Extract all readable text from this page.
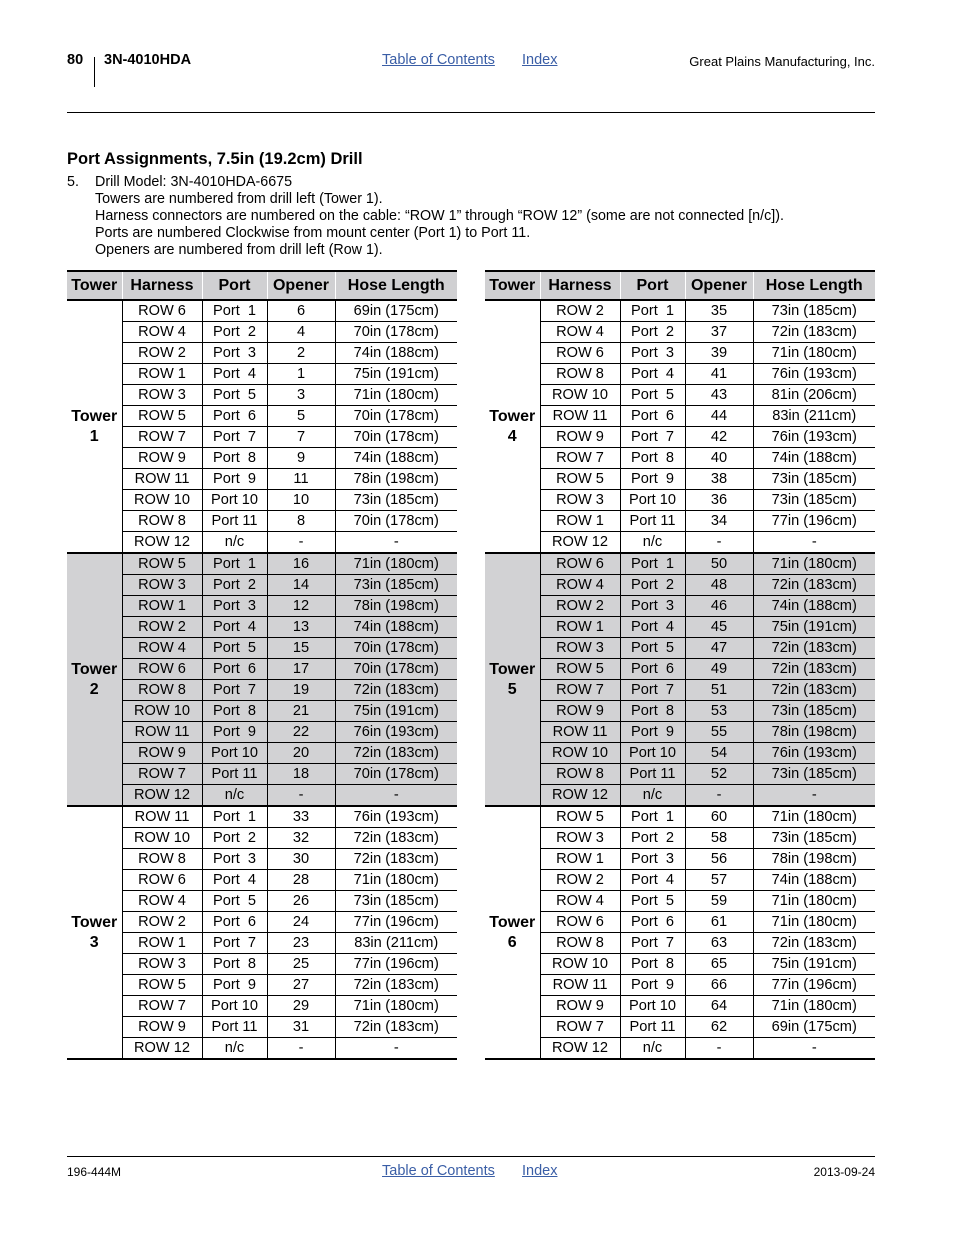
80 3N-4010HDA	Table of Contents Index	Great Plains Manufacturing, Inc.
Port Assignments, 7.5in (19.2cm) Drill
5. Drill Model: 3N-4010HDA-6675
Towers are numbered from drill left (Tower 1).
Harness connectors are numbered on the cable: “ROW 1” through “ROW 12” (some are not connected [n/c]).
Ports are numbered Clockwise from mount center (Port 1) to Port 11.
Openers are numbered from drill left (Row 1).
Tower	Harness	Port	Opener	Hose Length

Tower
1	ROW 6	Port  1	6	69in (175cm)
	ROW 4	Port  2	4	70in (178cm)
	ROW 2	Port  3	2	74in (188cm)
	ROW 1	Port  4	1	75in (191cm)
	ROW 3	Port  5	3	71in (180cm)
	ROW 5	Port  6	5	70in (178cm)
	ROW 7	Port  7	7	70in (178cm)
	ROW 9	Port  8	9	74in (188cm)
	ROW 11	Port  9	11	78in (198cm)
	ROW 10	Port 10	10	73in (185cm)
	ROW 8	Port 11	8	70in (178cm)
	ROW 12	n/c	-	-

Tower
2	ROW 5	Port  1	16	71in (180cm)
	ROW 3	Port  2	14	73in (185cm)
	ROW 1	Port  3	12	78in (198cm)
	ROW 2	Port  4	13	74in (188cm)
	ROW 4	Port  5	15	70in (178cm)
	ROW 6	Port  6	17	70in (178cm)
	ROW 8	Port  7	19	72in (183cm)
	ROW 10	Port  8	21	75in (191cm)
	ROW 11	Port  9	22	76in (193cm)
	ROW 9	Port 10	20	72in (183cm)
	ROW 7	Port 11	18	70in (178cm)
	ROW 12	n/c	-	-

Tower
3	ROW 11	Port  1	33	76in (193cm)
	ROW 10	Port  2	32	72in (183cm)
	ROW 8	Port  3	30	72in (183cm)
	ROW 6	Port  4	28	71in (180cm)
	ROW 4	Port  5	26	73in (185cm)
	ROW 2	Port  6	24	77in (196cm)
	ROW 1	Port  7	23	83in (211cm)
	ROW 3	Port  8	25	77in (196cm)
	ROW 5	Port  9	27	72in (183cm)
	ROW 7	Port 10	29	71in (180cm)
	ROW 9	Port 11	31	72in (183cm)
	ROW 12	n/c	-	-
Tower	Harness	Port	Opener	Hose Length

Tower
4	ROW 2	Port  1	35	73in (185cm)
	ROW 4	Port  2	37	72in (183cm)
	ROW 6	Port  3	39	71in (180cm)
	ROW 8	Port  4	41	76in (193cm)
	ROW 10	Port  5	43	81in (206cm)
	ROW 11	Port  6	44	83in (211cm)
	ROW 9	Port  7	42	76in (193cm)
	ROW 7	Port  8	40	74in (188cm)
	ROW 5	Port  9	38	73in (185cm)
	ROW 3	Port 10	36	73in (185cm)
	ROW 1	Port 11	34	77in (196cm)
	ROW 12	n/c	-	-

Tower
5	ROW 6	Port  1	50	71in (180cm)
	ROW 4	Port  2	48	72in (183cm)
	ROW 2	Port  3	46	74in (188cm)
	ROW 1	Port  4	45	75in (191cm)
	ROW 3	Port  5	47	72in (183cm)
	ROW 5	Port  6	49	72in (183cm)
	ROW 7	Port  7	51	72in (183cm)
	ROW 9	Port  8	53	73in (185cm)
	ROW 11	Port  9	55	78in (198cm)
	ROW 10	Port 10	54	76in (193cm)
	ROW 8	Port 11	52	73in (185cm)
	ROW 12	n/c	-	-

Tower
6	ROW 5	Port  1	60	71in (180cm)
	ROW 3	Port  2	58	73in (185cm)
	ROW 1	Port  3	56	78in (198cm)
	ROW 2	Port  4	57	74in (188cm)
	ROW 4	Port  5	59	71in (180cm)
	ROW 6	Port  6	61	71in (180cm)
	ROW 8	Port  7	63	72in (183cm)
	ROW 10	Port  8	65	75in (191cm)
	ROW 11	Port  9	66	77in (196cm)
	ROW 9	Port 10	64	71in (180cm)
	ROW 7	Port 11	62	69in (175cm)
	ROW 12	n/c	-	-
196-444M	Table of Contents Index	2013-09-24
